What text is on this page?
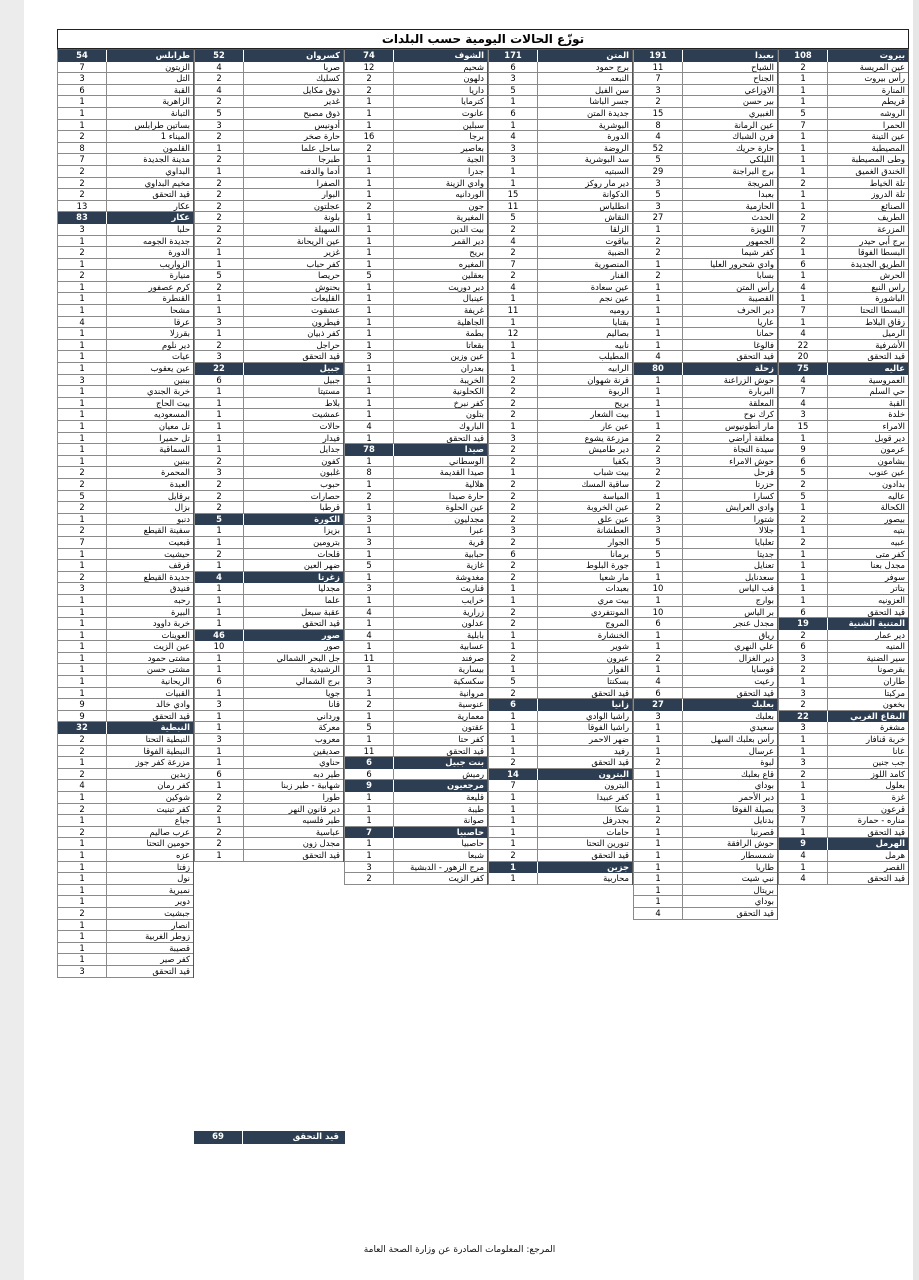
توزّع الحالات اليومية حسب البلدات
بيروت
108
عين المريسة
2
رأس بيروت
1
المنارة
1
قريطم
1
الروشه
5
الحمرا
7
عين التينة
1
المصيطبة
1
وطى المصيطبة
1
الخندق الغميق
1
تلة الخياط
2
تلة الدروز
1
الصنائع
1
الطريف
2
المزرعة
7
برج أبي حيدر
2
البسطا الفوقا
1
الطريق الجديدة
6
الحرش
1
راس النبع
4
الباشورة
1
البسطا التحتا
7
زقاق البلاط
1
الرميل
4
الأشرفية
22
قيد التحقق
20
عاليه
75
العمروسية
4
حي السلم
7
القبة
4
خلدة
3
الامراء
15
دير قوبل
1
عرمون
9
بشامون
6
عين عنوب
5
بدادون
2
عاليه
5
الكحالة
1
بيصور
2
بتيه
1
عبيه
2
كفر متى
1
مجدل بعنا
1
سوفر
1
بتاتر
1
العزونيه
1
قيد التحقق
6
المتنية الشنية
19
دير عمار
2
المنيه
6
سير الضنية
3
بقرصونا
2
طاران
1
مركبتا
3
بخعون
2
البقاع الغربي
22
مشغرة
3
خربة قنافار
1
عانا
1
جب جنين
3
كامد اللوز
2
بعلول
1
غزة
1
قرعون
3
مناره - حمارة
7
قيد التحقق
1
الهرمل
9
هرمل
4
القصر
1
قيد التحقق
4
بعبدا
191
الشياح
11
الجناح
7
الاوزاعي
3
بير حسن
2
الغبيري
15
عين الرمانة
8
فرن الشباك
4
حارة حريك
52
الليلكي
5
برج البراجنة
29
المريجة
3
بعبدا
5
الحازمية
3
الحدث
27
اللويزة
1
الجمهور
2
كفر شيما
2
وادي شحرور العليا
1
بسابا
2
رأس المتن
1
القصيبة
1
دير الحرف
1
عاريا
1
حمانا
1
فالوغا
1
قيد التحقق
4
زحلة
80
حوش الزراعنة
1
البربارة
1
المعلقة
1
كرك نوح
1
مار أنطونيوس
1
معلقة أراضي
2
سيدة النجاة
2
حوش الامراء
3
قزحل
2
حزرتا
2
كسارا
1
وادي العرايش
2
شتورا
3
جلالا
3
تعلبايا
5
جديتا
5
تعنايل
1
سعدنايل
1
قب الياس
10
بوارج
1
بر الياس
10
مجدل عنجر
6
رياق
1
علي النهري
1
دير الغزال
2
قوسايا
1
رعيت
4
قيد التحقق
6
بعلبك
27
بعلبك
3
سعيدي
1
رأس بعلبك السهل
1
عرسال
1
لبوة
2
قاع بعلبك
1
بوداي
1
دير الأحمر
1
بصيلة الفوقا
1
بدنايل
2
قصرنبا
1
حوش الرافقة
1
شمسطار
1
طاريا
1
نبي شيت
1
بريتال
1
بوداي
1
قيد التحقق
4
المتن
171
برج حمود
6
النبعه
3
سن الفيل
5
جسر الباشا
1
جديدة المتن
6
البوشرية
1
الدورة
4
الروضة
3
سد البوشرية
3
السبتيه
1
دير مار روكز
1
الدكوانة
15
انطلياس
11
النقاش
5
الزلقا
2
بياقوت
4
الضبية
2
المنصورية
7
الفنار
2
عين سعادة
4
عين نجم
1
روميه
11
بقنايا
1
بصاليم
12
نابيه
1
المطيلب
1
الرابيه
1
قرنة شهوان
2
الربوة
2
بريح
2
بيت الشعار
2
عين عار
1
مزرعة يشوع
3
دير طاميش
2
بكفيا
2
بيت شباب
1
ساقية المسك
2
المياسة
2
عين الخروبة
2
عين علق
2
العطشانة
3
الجوار
2
برمانا
6
جورة البلوط
2
مار شعيا
2
بعبدات
1
بيت مري
1
المونتفردي
2
المروج
2
الخنشارة
1
شوير
1
عيرون
2
الفوار
1
بسكنتا
5
قيد التحقق
2
زانيا
6
راشيا الوادي
1
راشيا الفوقا
1
ضهر الاحمر
1
رفيد
1
قيد التحقق
2
البترون
14
البترون
7
كفر عبيدا
1
شكا
1
بجدرفل
1
حامات
1
تنورين التحتا
1
قيد التحقق
2
جزين
1
محاربية
1
الشوف
74
شحيم
12
دلهون
2
داريا
2
كترمايا
1
عانوت
1
سبلين
1
برجا
16
بعاصير
2
الجية
1
جدرا
1
وادي الزينة
1
الوردانيه
1
جون
2
المغيرية
1
بيت الدين
1
دير القمر
1
بريح
1
المغيره
1
بعقلين
5
دير دوريت
1
عينبال
1
غريفة
1
الجاهلية
1
بطمة
1
بقعاتا
1
عين وزين
3
بعدران
1
الخريبة
1
الكحلونية
1
كفر نبرخ
1
بتلون
1
الباروك
4
قيد التحقق
1
صيدا
78
الوسطاني
1
صيدا القديمة
8
هلالية
1
حارة صيدا
2
عين الحلوة
1
مجدليون
3
عبرا
1
قرية
3
حبابية
1
غازية
5
مغدوشة
1
قناريت
3
خرايب
1
زرارية
4
عدلون
1
بابلية
4
عسابية
1
صرفند
11
بيسارية
1
سكسكية
3
مروانية
1
عنوسية
2
معمارية
1
عقتون
5
كفر حتا
1
قيد التحقق
11
بنت جبيل
6
رميش
6
مرجعيون
9
قليعة
1
طيبة
1
صوانة
1
حاصبيا
7
حاصبيا
1
شبعا
1
مرج الزهور - الدبشية
3
كفر الزيت
2
كسروان
52
صربا
4
كسليك
2
ذوق مكايل
4
غدير
2
ذوق مصبح
5
أدونيس
3
حارة صخر
2
ساحل علما
1
طبرجا
2
أدما والدفنه
1
الصفرا
2
البوار
2
عجلتون
2
بلونة
2
السهيلة
2
عين الريحانة
2
غزير
1
كفر حباب
1
حريصا
5
بحنوش
2
القليعات
1
عشقوت
1
فيطرون
3
كفر ذبيان
1
حراجل
2
قيد التحقق
3
جبيل
22
جبيل
6
مستيتا
1
بلاط
1
عمشيت
1
حالات
1
فيدار
1
جدايل
1
كفون
2
غلبون
3
حبوب
2
حصارات
2
قرطبا
2
الكورة
5
بزيزا
1
بترومين
1
قلحات
2
ضهر العين
1
زغرتا
4
مجدليا
1
علما
1
عقبة سبعل
1
قيد التحقق
1
صور
46
صور
10
جل البحر الشمالي
1
الرشيدية
1
برج الشمالي
6
جويا
1
قانا
3
ورداني
1
معركة
1
معروب
3
صديقين
1
حناوي
1
طير دبه
6
شهابية - طير زبنا
1
طورا
2
دير قانون النهر
2
طير فلسيه
1
عباسية
2
مجدل زون
2
قيد التحقق
1
طرابلس
54
الزيتون
7
التل
3
القبة
6
الزاهرية
1
التبانة
1
بساتين طرابلس
1
الميناء 1
2
القلمون
8
مدينة الجديدة
7
البداوي
2
مخيم البداوي
2
قيد التحقق
2
عكار
13
عكار
83
حلبا
3
جديدة الجومه
1
الدورة
2
الزواريب
1
منيارة
2
كرم عصفور
1
القنطرة
1
مشحا
1
عرقا
4
بقرزلا
1
دير نلوم
1
عيات
1
عين يعقوب
1
ببنين
3
خربة الجندي
1
بيت الحاج
1
المسعوديه
1
تل معيان
1
تل حميرا
1
السماقية
1
ببنين
1
المحمرة
2
العبدة
2
برقايل
5
بزال
2
دنبو
1
سفينة القيطع
2
قبعيت
7
حيشيت
1
قرقف
1
جديدة القيطع
2
فنيدق
3
رحبه
1
البيرة
1
خربة داوود
1
العوينات
1
عين الزيت
1
مشتى حمود
1
مشتى حسن
1
الريحانية
1
القبيات
1
وادي خالد
9
قيد التحقق
9
النبطية
32
النبطية التحتا
2
النبطية الفوقا
2
مزرعة كفر جوز
1
زبدين
2
كفر رمان
4
شوكين
1
كفر تبنيت
2
جباع
1
عرب صاليم
2
حومين التحتا
1
عزه
1
زفتا
1
نول
1
نميرية
1
دوير
1
جبشيت
2
انصار
1
زوطر الغربية
1
قصيبة
1
كفر صير
1
قيد التحقق
3
قيد التحقق
69
المرجع: المعلومات الصادرة عن وزارة الصحة العامة
